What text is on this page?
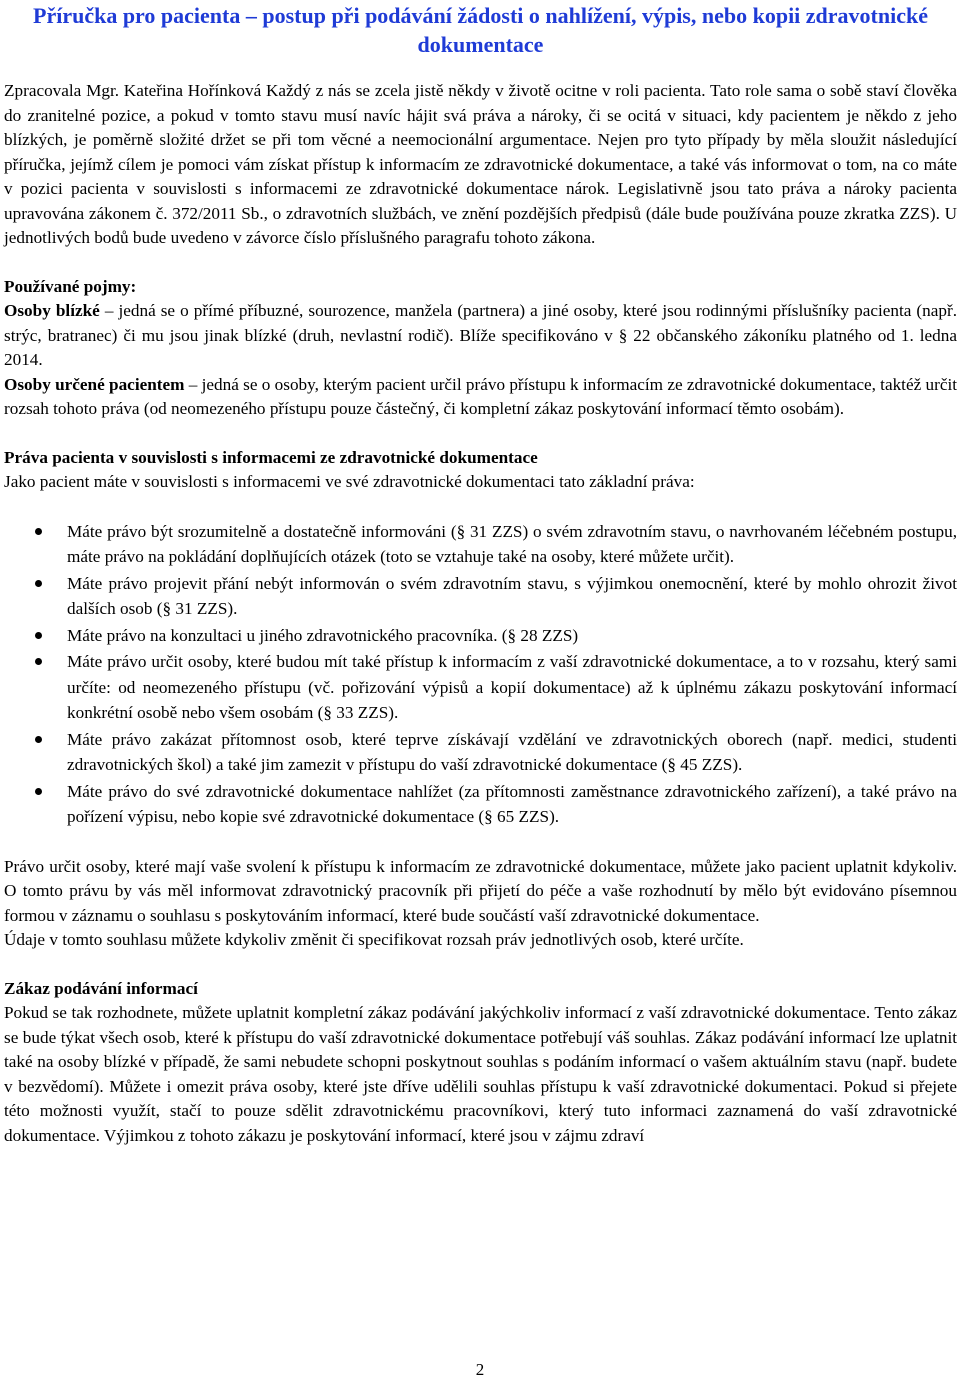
Příručka pro pacienta – postup při podávání žádosti o nahlížení, výpis, nebo kopii zdravotnické dokumentace

Zpracovala Mgr. Kateřina Hořínková Každý z nás se zcela jistě někdy v životě ocitne v roli pacienta. Tato role sama o sobě staví člověka do zranitelné pozice, a pokud v tomto stavu musí navíc hájit svá práva a nároky, či se ocitá v situaci, kdy pacientem je někdo z jeho blízkých, je poměrně složité držet se při tom věcné a neemocionální argumentace. Nejen pro tyto případy by měla sloužit následující příručka, jejímž cílem je pomoci vám získat přístup k informacím ze zdravotnické dokumentace, a také vás informovat o tom, na co máte v pozici pacienta v souvislosti s informacemi ze zdravotnické dokumentace nárok. Legislativně jsou tato práva a nároky pacienta upravována zákonem č. 372/2011 Sb., o zdravotních službách, ve znění pozdějších předpisů (dále bude používána pouze zkratka ZZS). U jednotlivých bodů bude uvedeno v závorce číslo příslušného paragrafu tohoto zákona.

Používané pojmy:

Osoby blízké – jedná se o přímé příbuzné, sourozence, manžela (partnera) a jiné osoby, které jsou rodinnými příslušníky pacienta (např. strýc, bratranec) či mu jsou jinak blízké (druh, nevlastní rodič). Blíže specifikováno v § 22 občanského zákoníku platného od 1. ledna 2014.

Osoby určené pacientem – jedná se o osoby, kterým pacient určil právo přístupu k informacím ze zdravotnické dokumentace, taktéž určit rozsah tohoto práva (od neomezeného přístupu pouze částečný, či kompletní zákaz poskytování informací těmto osobám).

Práva pacienta v souvislosti s informacemi ze zdravotnické dokumentace

Jako pacient máte v souvislosti s informacemi ve své zdravotnické dokumentaci tato základní práva:

Máte právo být srozumitelně a dostatečně informováni (§ 31 ZZS) o svém zdravotním stavu, o navrhovaném léčebném postupu, máte právo na pokládání doplňujících otázek (toto se vztahuje také na osoby, které můžete určit).
Máte právo projevit přání nebýt informován o svém zdravotním stavu, s výjimkou onemocnění, které by mohlo ohrozit život dalších osob (§ 31 ZZS).
Máte právo na konzultaci u jiného zdravotnického pracovníka. (§ 28 ZZS)
Máte právo určit osoby, které budou mít také přístup k informacím z vaší zdravotnické dokumentace, a to v rozsahu, který sami určíte: od neomezeného přístupu (vč. pořizování výpisů a kopií dokumentace) až k úplnému zákazu poskytování informací konkrétní osobě nebo všem osobám (§ 33 ZZS).
Máte právo zakázat přítomnost osob, které teprve získávají vzdělání ve zdravotnických oborech (např. medici, studenti zdravotnických škol) a také jim zamezit v přístupu do vaší zdravotnické dokumentace (§ 45 ZZS).
Máte právo do své zdravotnické dokumentace nahlížet (za přítomnosti zaměstnance zdravotnického zařízení), a také právo na pořízení výpisu, nebo kopie své zdravotnické dokumentace (§ 65 ZZS).

Právo určit osoby, které mají vaše svolení k přístupu k informacím ze zdravotnické dokumentace, můžete jako pacient uplatnit kdykoliv. O tomto právu by vás měl informovat zdravotnický pracovník při přijetí do péče a vaše rozhodnutí by mělo být evidováno písemnou formou v záznamu o souhlasu s poskytováním informací, které bude součástí vaší zdravotnické dokumentace.

Údaje v tomto souhlasu můžete kdykoliv změnit či specifikovat rozsah práv jednotlivých osob, které určíte.

Zákaz podávání informací

Pokud se tak rozhodnete, můžete uplatnit kompletní zákaz podávání jakýchkoliv informací z vaší zdravotnické dokumentace. Tento zákaz se bude týkat všech osob, které k přístupu do vaší zdravotnické dokumentace potřebují váš souhlas. Zákaz podávání informací lze uplatnit také na osoby blízké v případě, že sami nebudete schopni poskytnout souhlas s podáním informací o vašem aktuálním stavu (např. budete v bezvědomí). Můžete i omezit práva osoby, které jste dříve udělili souhlas přístupu k vaší zdravotnické dokumentaci. Pokud si přejete této možnosti využít, stačí to pouze sdělit zdravotnickému pracovníkovi, který tuto informaci zaznamená do vaší zdravotnické dokumentace. Výjimkou z tohoto zákazu je poskytování informací, které jsou v zájmu zdraví

2
